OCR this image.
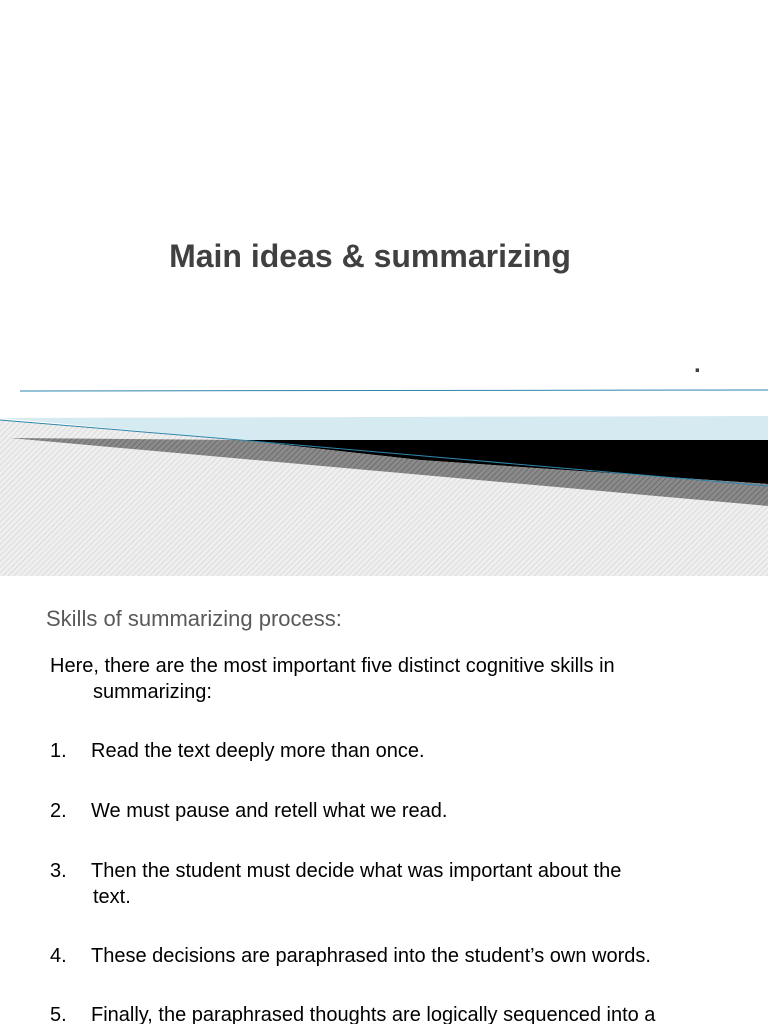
Main ideas & summarizing
.
Skills of summarizing process:
Here, there are the most important five distinct cognitive skills in
summarizing:
1. Read the text deeply more than once.
2. We must pause and retell what we read.
3. Then the student must decide what was important about the
text.
4. These decisions are paraphrased into the student’s own words.
5. Finally, the paraphrased thoughts are logically sequenced into a
